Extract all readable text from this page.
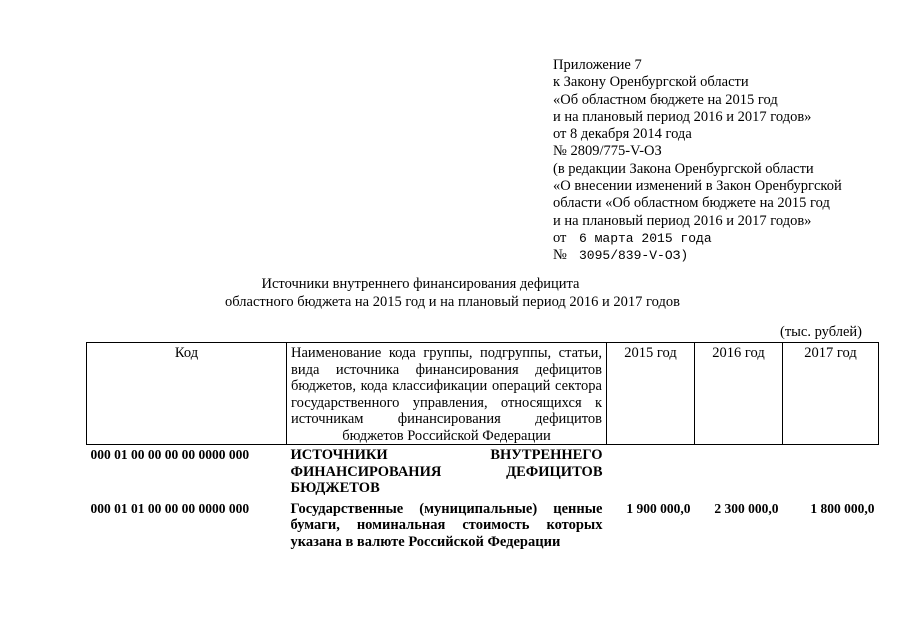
Приложение 7
к Закону Оренбургской области
«Об областном бюджете на 2015 год
и на плановый период 2016 и 2017 годов»
от 8 декабря 2014 года
№ 2809/775-V-ОЗ
(в редакции Закона Оренбургской области
«О внесении изменений в Закон Оренбургской
области «Об областном бюджете на 2015 год
и на плановый период 2016 и 2017 годов»
от 6 марта 2015 года
№ 3095/839-V-ОЗ)
Источники внутреннего финансирования дефицита
областного бюджета на 2015 год и на плановый период 2016 и 2017 годов
(тыс. рублей)
Код	Наименование кода группы, подгруппы, статьи, вида источника финансирования дефицитов бюджетов, кода классификации операций сектора государственного управления, относящихся к источникам финансирования дефицитов бюджетов Российской Федерации	2015 год	2016 год	2017 год
000 01 00 00 00 00 0000 000	ИСТОЧНИКИ ВНУТРЕННЕГО ФИНАНСИРОВАНИЯ ДЕФИЦИТОВ БЮДЖЕТОВ			
000 01 01 00 00 00 0000 000	Государственные (муниципальные) ценные бумаги, номинальная стоимость которых указана в валюте Российской Федерации	1 900 000,0	2 300 000,0	1 800 000,0
